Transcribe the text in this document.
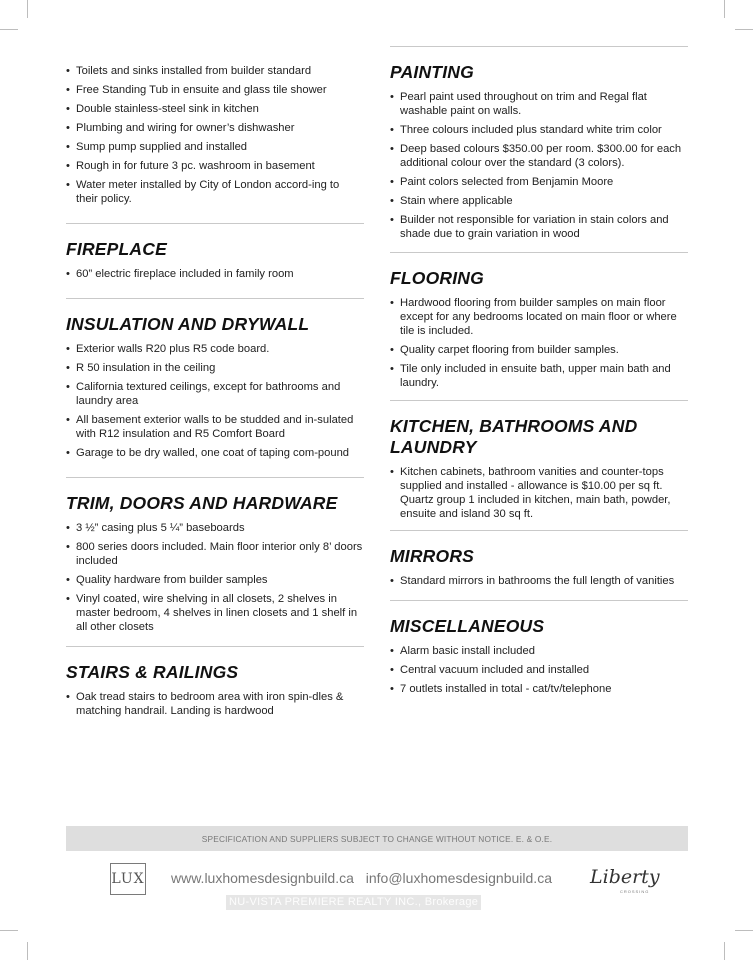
• Toilets and sinks installed from builder standard
• Free Standing Tub in ensuite and glass tile shower
• Double stainless-steel sink in kitchen
• Plumbing and wiring for owner’s dishwasher
• Sump pump supplied and installed
• Rough in for future 3 pc. washroom in basement
• Water meter installed by City of London accord-ing to their policy.
FIREPLACE
• 60” electric fireplace included in family room
INSULATION AND DRYWALL
• Exterior walls R20 plus R5 code board.
• R 50 insulation in the ceiling
• California textured ceilings, except for bathrooms and laundry area
• All basement exterior walls to be studded and in-sulated with R12 insulation and R5 Comfort Board
• Garage to be dry walled, one coat of taping com-pound
TRIM, DOORS AND HARDWARE
• 3 ½” casing plus 5 ¼” baseboards
• 800 series doors included. Main floor interior only 8’ doors included
• Quality hardware from builder samples
• Vinyl coated, wire shelving in all closets, 2 shelves in master bedroom, 4 shelves in linen closets and 1 shelf in all other closets
STAIRS & RAILINGS
• Oak tread stairs to bedroom area with iron spin-dles & matching handrail. Landing is hardwood
PAINTING
• Pearl paint used throughout on trim and Regal flat washable paint on walls.
• Three colours included plus standard white trim color
• Deep based colours $350.00 per room. $300.00 for each additional colour over the standard (3 colors).
• Paint colors selected from Benjamin Moore
• Stain where applicable
• Builder not responsible for variation in stain colors and shade due to grain variation in wood
FLOORING
• Hardwood flooring from builder samples on main floor except for any bedrooms located on main floor or where tile is included.
• Quality carpet flooring from builder samples.
• Tile only included in ensuite bath, upper main bath and laundry.
KITCHEN, BATHROOMS AND LAUNDRY
• Kitchen cabinets, bathroom vanities and counter-tops supplied and installed - allowance is $10.00 per sq ft. Quartz group 1 included in kitchen, main bath, powder, ensuite and island 30 sq ft.
MIRRORS
• Standard mirrors in bathrooms the full length of vanities
MISCELLANEOUS
• Alarm basic install included
• Central vacuum included and installed
• 7 outlets installed in total - cat/tv/telephone
SPECIFICATION AND SUPPLIERS SUBJECT TO CHANGE WITHOUT NOTICE. E. & O.E.
LUX www.luxhomesdesignbuild.ca info@luxhomesdesignbuild.ca
NU-VISTA PREMIERE REALTY INC., Brokerage
Liberty
CROSSING
